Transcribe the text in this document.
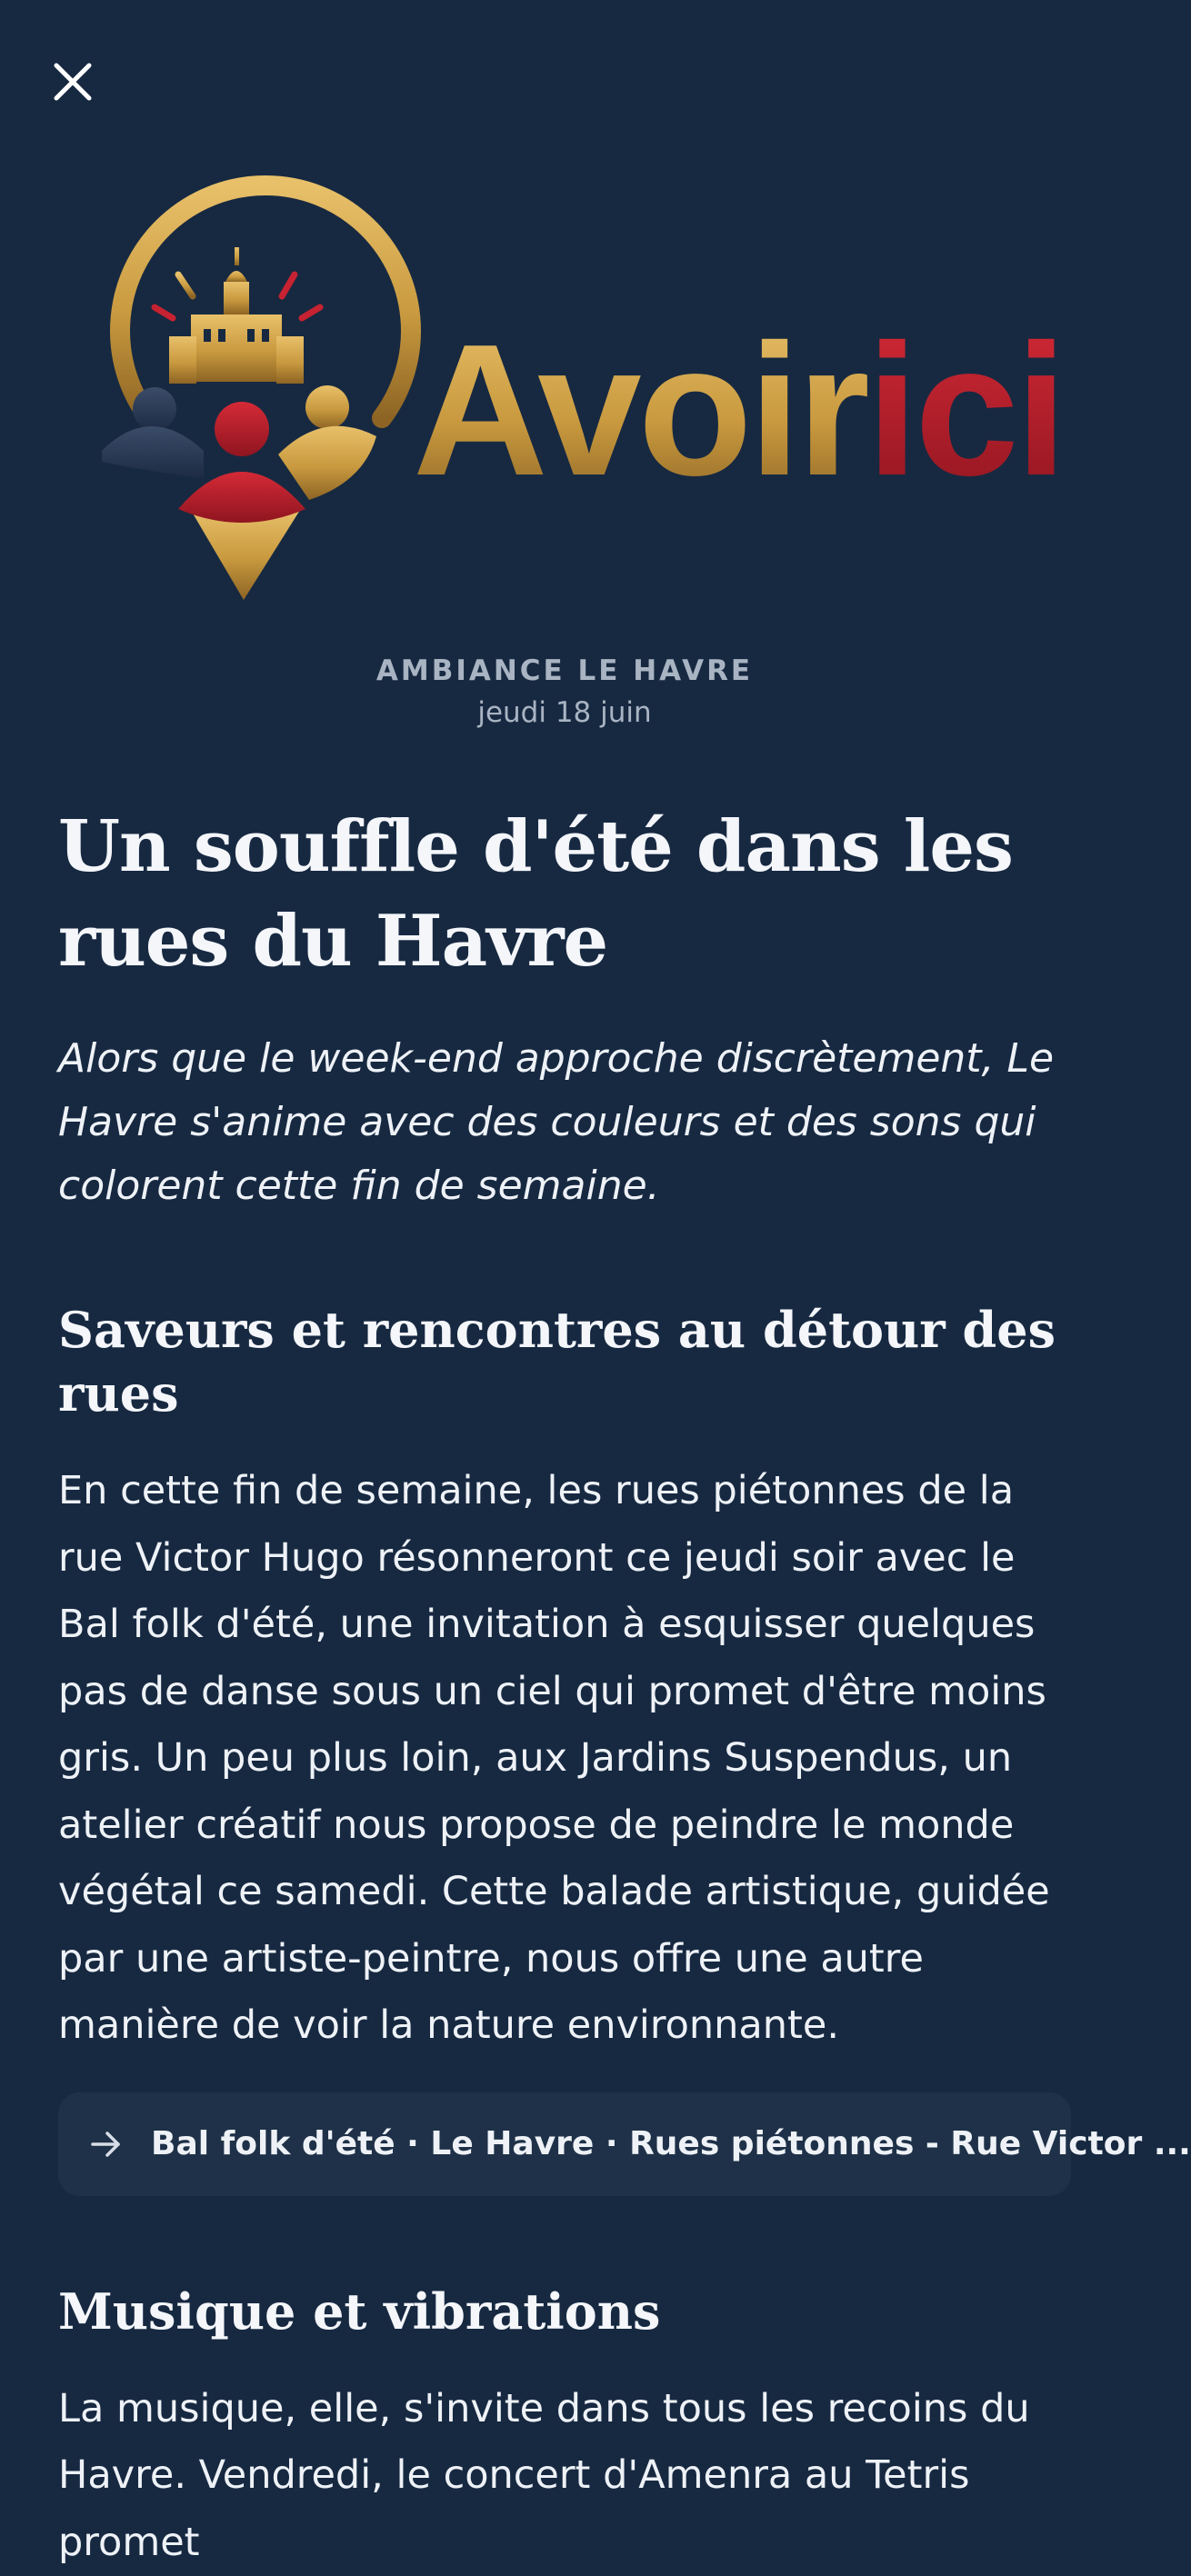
Avoirici
AMBIANCE LE HAVRE
jeudi 18 juin
Un souffle d'été dans les rues du Havre

Alors que le week-end approche discrètement, Le Havre s'anime avec des couleurs et des sons qui colorent cette fin de semaine.

Saveurs et rencontres au détour des rues

En cette fin de semaine, les rues piétonnes de la rue Victor Hugo résonneront ce jeudi soir avec le Bal folk d'été, une invitation à esquisser quelques pas de danse sous un ciel qui promet d'être moins gris. Un peu plus loin, aux Jardins Suspendus, un atelier créatif nous propose de peindre le monde végétal ce samedi. Cette balade artistique, guidée par une artiste-peintre, nous offre une autre manière de voir la nature environnante.

Bal folk d'été · Le Havre · Rues piétonnes - Rue Victor ...
Musique et vibrations

La musique, elle, s'invite dans tous les recoins du Havre. Vendredi, le concert d'Amenra au Tetris promet
